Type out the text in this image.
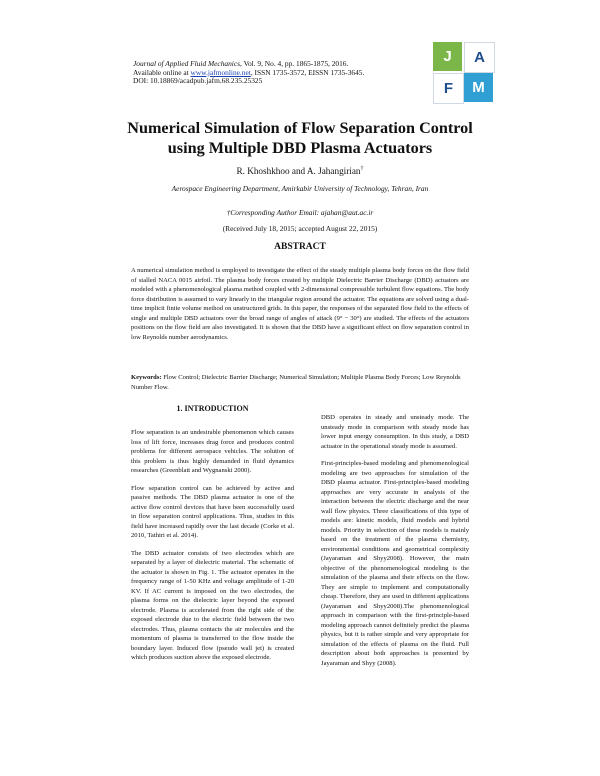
Journal of Applied Fluid Mechanics, Vol. 9, No. 4, pp. 1865-1875, 2016.
Available online at www.jafmonline.net, ISSN 1735-3572, EISSN 1735-3645.
DOI: 10.18869/acadpub.jafm.68.235.25325
J	A
F	M
Numerical Simulation of Flow Separation Control
using Multiple DBD Plasma Actuators
R. Khoshkhoo and A. Jahangirian†
Aerospace Engineering Department, Amirkabir University of Technology, Tehran, Iran
†Corresponding Author Email: ajahan@aut.ac.ir
(Received July 18, 2015; accepted August 22, 2015)
ABSTRACT
A numerical simulation method is employed to investigate the effect of the steady multiple plasma body forces on the flow field of stalled NACA 0015 airfoil. The plasma body forces created by multiple Dielectric Barrier Discharge (DBD) actuators are modeled with a phenomenological plasma method coupled with 2-dimensional compressible turbulent flow equations. The body force distribution is assumed to vary linearly in the triangular region around the actuator. The equations are solved using a dual-time implicit finite volume method on unstructured grids. In this paper, the responses of the separated flow field to the effects of single and multiple DBD actuators over the broad range of angles of attack (9° − 30°) are studied. The effects of the actuators positions on the flow field are also investigated. It is shown that the DBD have a significant effect on flow separation control in low Reynolds number aerodynamics.
Keywords: Flow Control; Dielectric Barrier Discharge; Numerical Simulation; Multiple Plasma Body Forces; Low Reynolds Number Flow.
1. INTRODUCTION

Flow separation is an undesirable phenomenon which causes loss of lift force, increases drag force and produces control problems for different aerospace vehicles. The solution of this problem is thus highly demanded in fluid dynamics researches (Greenblatt and Wygnanski 2000).

Flow separation control can be achieved by active and passive methods. The DBD plasma actuator is one of the active flow control devices that have been successfully used in flow separation control applications. Thus, studies in this field have increased rapidly over the last decade (Corke et al. 2010, Tathiri et al. 2014).

The DBD actuator consists of two electrodes which are separated by a layer of dielectric material. The schematic of the actuator is shown in Fig. 1. The actuator operates in the frequency range of 1-50 KHz and voltage amplitude of 1-20 KV. If AC current is imposed on the two electrodes, the plasma forms on the dielectric layer beyond the exposed electrode. Plasma is accelerated from the right side of the exposed electrode due to the electric field between the two electrodes. Thus, plasma contacts the air molecules and the momentum of plasma is transferred to the flow inside the boundary layer. Induced flow (pseudo wall jet) is created which produces suction above the exposed electrode.

DBD operates in steady and unsteady mode. The unsteady mode in comparison with steady mode has lower input energy consumption. In this study, a DBD actuator in the operational steady mode is assumed.

First-principles-based modeling and phenomenological modeling are two approaches for simulation of the DBD plasma actuator. First-principles-based modeling approaches are very accurate in analysis of the interaction between the electric discharge and the near wall flow physics. Three classifications of this type of models are: kinetic models, fluid models and hybrid models. Priority in selection of these models is mainly based on the treatment of the plasma chemistry, environmental conditions and geometrical complexity (Jayaraman and Shyy2008). However, the main objective of the phenomenological modeling is the simulation of the plasma and their effects on the flow. They are simple to implement and computationally cheap. Therefore, they are used in different applications (Jayaraman and Shyy2008).The phenomenological approach in comparison with the first-principle-based modeling approach cannot definitely predict the plasma physics, but it is rather simple and very appropriate for simulation of the effects of plasma on the fluid. Full description about both approaches is presented by Jayaraman and Shyy (2008).
